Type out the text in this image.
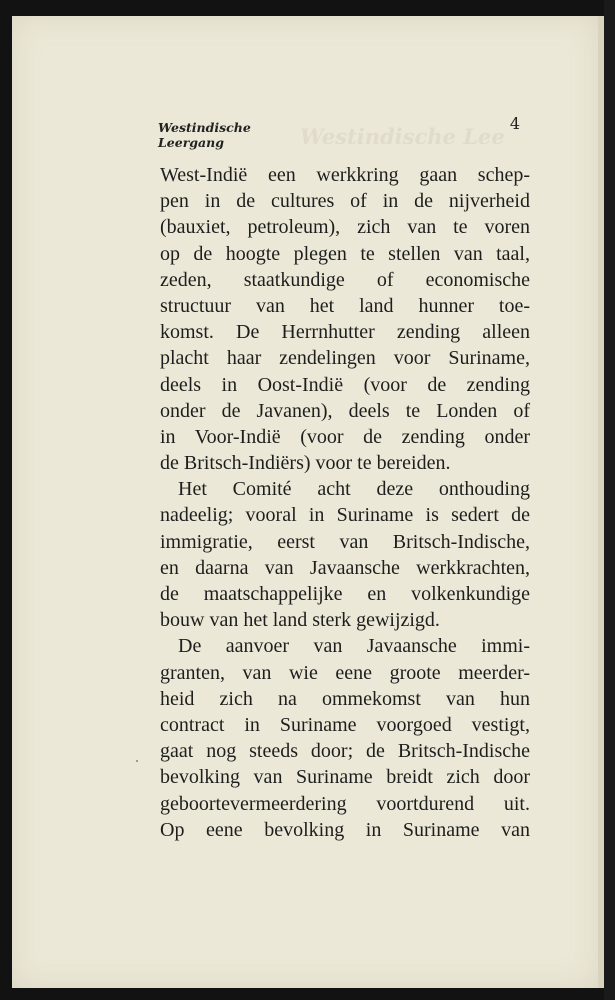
Westindische Lee
Westindische
Leergang
4
West-Indië een werkkring gaan schep-
pen in de cultures of in de nijverheid
(bauxiet, petroleum), zich van te voren
op de hoogte plegen te stellen van taal,
zeden, staatkundige of economische
structuur van het land hunner toe-
komst. De Herrnhutter zending alleen
placht haar zendelingen voor Suriname,
deels in Oost-Indië (voor de zending
onder de Javanen), deels te Londen of
in Voor-Indië (voor de zending onder
de Britsch-Indiërs) voor te bereiden.
Het Comité acht deze onthouding
nadeelig; vooral in Suriname is sedert de
immigratie, eerst van Britsch-Indische,
en daarna van Javaansche werkkrachten,
de maatschappelijke en volkenkundige
bouw van het land sterk gewijzigd.
De aanvoer van Javaansche immi-
granten, van wie eene groote meerder-
heid zich na ommekomst van hun
contract in Suriname voorgoed vestigt,
gaat nog steeds door; de Britsch-Indische
bevolking van Suriname breidt zich door
geboortevermeerdering voortdurend uit.
Op eene bevolking in Suriname van
